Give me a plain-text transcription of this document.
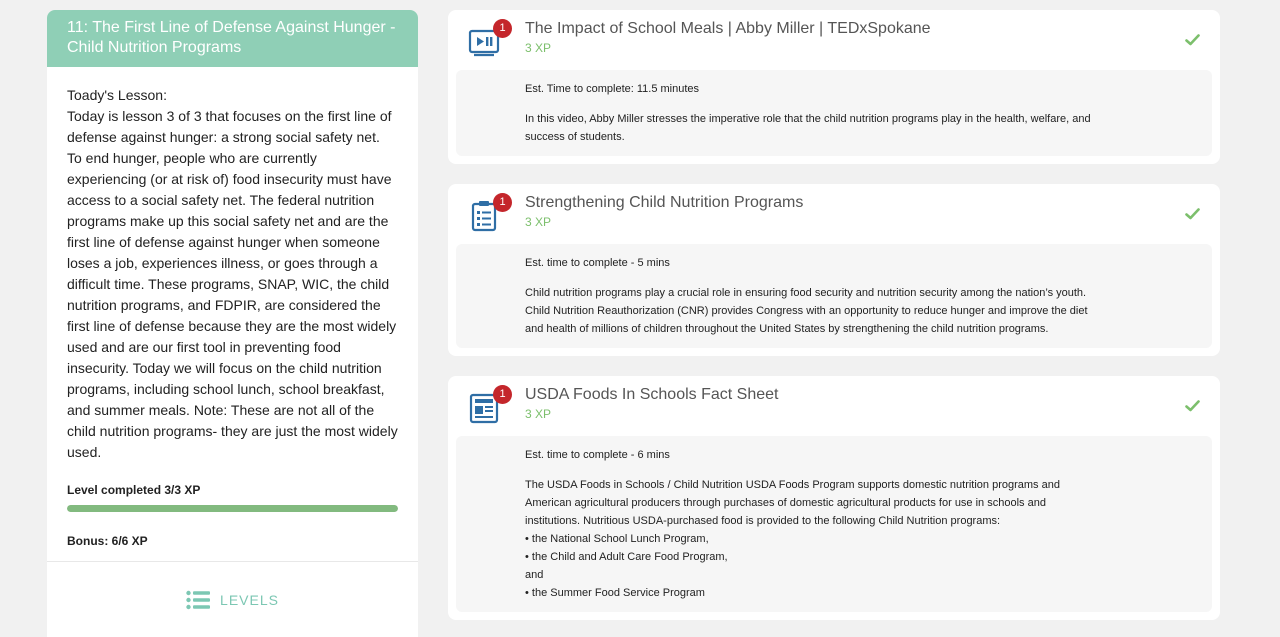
11: The First Line of Defense Against Hunger - Child Nutrition Programs
Toady's Lesson:
Today is lesson 3 of 3 that focuses on the first line of defense against hunger: a strong social safety net. To end hunger, people who are currently experiencing (or at risk of) food insecurity must have access to a social safety net. The federal nutrition programs make up this social safety net and are the first line of defense against hunger when someone loses a job, experiences illness, or goes through a difficult time. These programs, SNAP, WIC, the child nutrition programs, and FDPIR, are considered the first line of defense because they are the most widely used and are our first tool in preventing food insecurity. Today we will focus on the child nutrition programs, including school lunch, school breakfast, and summer meals. Note: These are not all of the child nutrition programs- they are just the most widely used.
Level completed 3/3 XP
Bonus: 6/6 XP
LEVELS
1	The Impact of School Meals | Abby Miller | TEDxSpokane
3 XP
Est. Time to complete: 11.5 minutes
In this video, Abby Miller stresses the imperative role that the child nutrition programs play in the health, welfare, and
success of students.
1	Strengthening Child Nutrition Programs
3 XP
Est. time to complete - 5 mins
Child nutrition programs play a crucial role in ensuring food security and nutrition security among the nation’s youth.
Child Nutrition Reauthorization (CNR) provides Congress with an opportunity to reduce hunger and improve the diet
and health of millions of children throughout the United States by strengthening the child nutrition programs.
1	USDA Foods In Schools Fact Sheet
3 XP
Est. time to complete - 6 mins
The USDA Foods in Schools / Child Nutrition USDA Foods Program supports domestic nutrition programs and
American agricultural producers through purchases of domestic agricultural products for use in schools and
institutions. Nutritious USDA-purchased food is provided to the following Child Nutrition programs:
• the National School Lunch Program,
• the Child and Adult Care Food Program,
and
• the Summer Food Service Program
